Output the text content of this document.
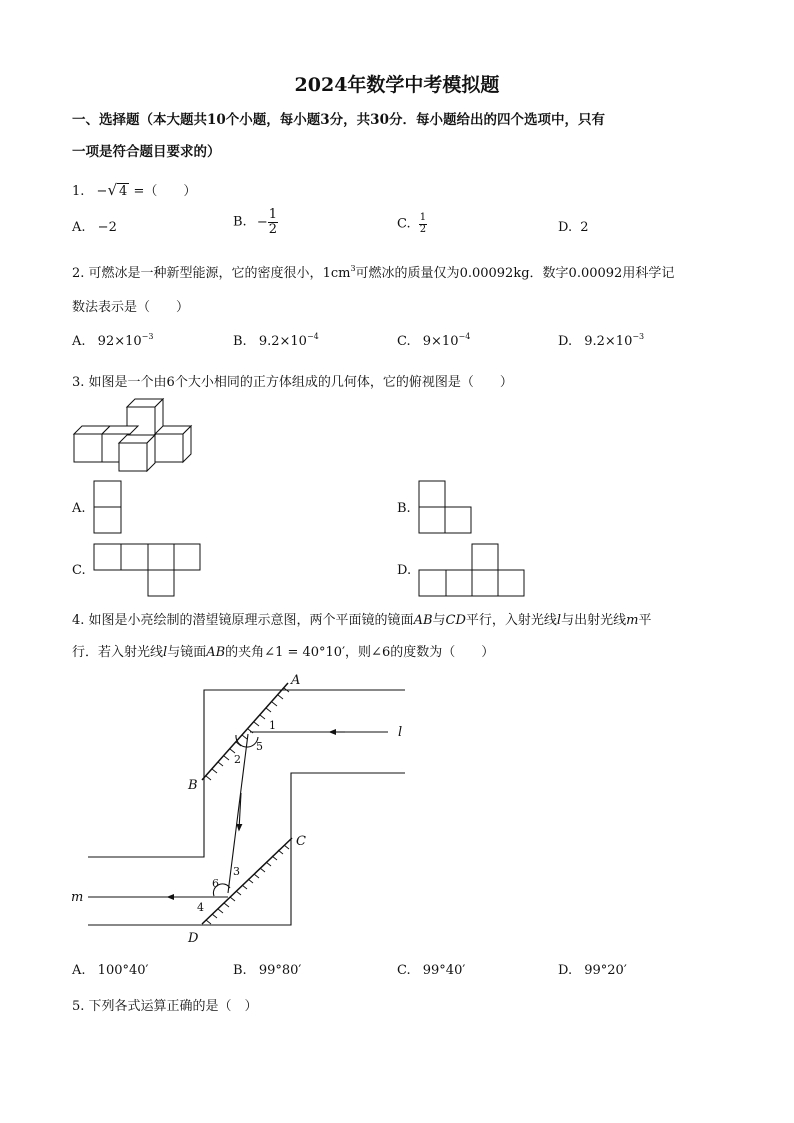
2024年数学中考模拟题
一、选择题（本大题共10个小题，每小题3分，共30分．每小题给出的四个选项中，只有
一项是符合题目要求的）
1. −√ 4 =（　　）
A. −2	B. − $\frac{1}{2}$	C. $\frac{1}{2}$	D. 2
2. 可燃冰是一种新型能源，它的密度很小，$1cm^3$可燃冰的质量仅为0.00092kg．数字0.00092用科学记
数法表示是（　　）
A. $92\times 10^{-3}$	B. $9.2\times 10^{-4}$	C. $9\times 10^{-4}$	D. $9.2\times 10^{-3}$
3. 如图是一个由6个大小相同的正方体组成的几何体，它的俯视图是（　　）
A.	B.
C.	D.
4. 如图是小亮绘制的潜望镜原理示意图，两个平面镜的镜面AB与CD平行，入射光线l与出射光线m平
行．若入射光线l与镜面AB的夹角∠1 = 40°10′，则∠6的度数为（　　）
A
B
C
D
l
m
1
2
3
4
5
6
A. 100°40′	B. 99°80′	C. 99°40′	D. 99°20′
5. 下列各式运算正确的是（　）
